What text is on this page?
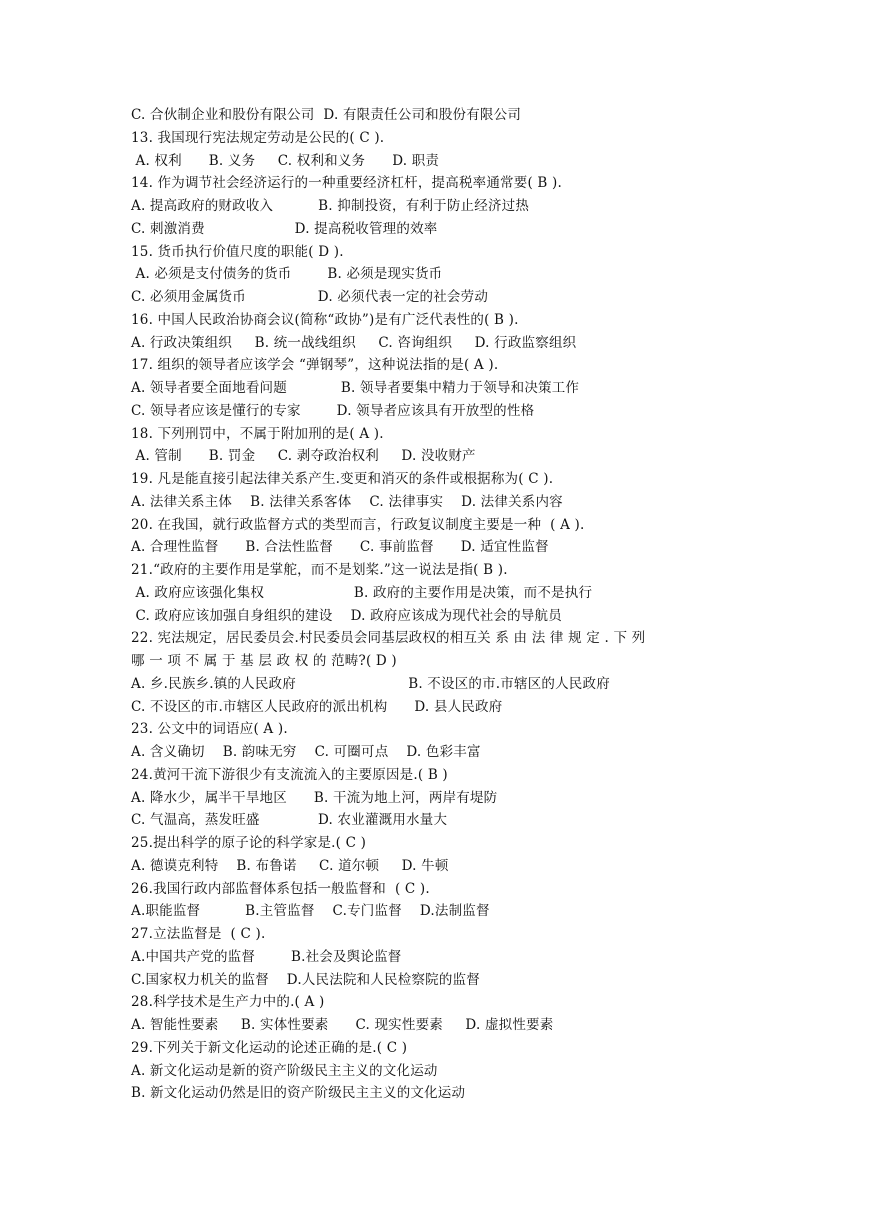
C. 合伙制企业和股份有限公司  D. 有限责任公司和股份有限公司
13. 我国现行宪法规定劳动是公民的( C ).
A. 权利      B. 义务     C. 权利和义务      D. 职责
14. 作为调节社会经济运行的一种重要经济杠杆，提高税率通常要( B ).
A. 提高政府的财政收入          B. 抑制投资，有利于防止经济过热
C. 刺激消费                    D. 提高税收管理的效率
15. 货币执行价值尺度的职能( D ).
A. 必须是支付债务的货币        B. 必须是现实货币
C. 必须用金属货币                D. 必须代表一定的社会劳动
16. 中国人民政治协商会议(简称“政协”)是有广泛代表性的( B ).
A. 行政决策组织     B. 统一战线组织     C. 咨询组织     D. 行政监察组织
17. 组织的领导者应该学会 “弹钢琴”，这种说法指的是( A ).
A. 领导者要全面地看问题            B. 领导者要集中精力于领导和决策工作
C. 领导者应该是懂行的专家        D. 领导者应该具有开放型的性格
18. 下列刑罚中，不属于附加刑的是( A ).
A. 管制      B. 罚金     C. 剥夺政治权利     D. 没收财产
19. 凡是能直接引起法律关系产生.变更和消灭的条件或根据称为( C ).
A. 法律关系主体    B. 法律关系客体    C. 法律事实    D. 法律关系内容
20. 在我国，就行政监督方式的类型而言，行政复议制度主要是一种  ( A ).
A. 合理性监督      B. 合法性监督      C. 事前监督      D. 适宜性监督
21.“政府的主要作用是掌舵，而不是划桨.”这一说法是指( B ).
A. 政府应该强化集权                    B. 政府的主要作用是决策，而不是执行
C. 政府应该加强自身组织的建设    D. 政府应该成为现代社会的导航员
22. 宪法规定，居民委员会.村民委员会同基层政权的相互关 系 由 法 律 规 定 . 下 列
哪 一 项 不 属 于 基 层 政 权 的 范畴?( D )
A. 乡.民族乡.镇的人民政府                         B. 不设区的市.市辖区的人民政府
C. 不设区的市.市辖区人民政府的派出机构      D. 县人民政府
23. 公文中的词语应( A ).
A. 含义确切    B. 韵味无穷    C. 可圈可点    D. 色彩丰富
24.黄河干流下游很少有支流流入的主要原因是.( B )
A. 降水少，属半干旱地区      B. 干流为地上河，两岸有堤防
C. 气温高，蒸发旺盛             D. 农业灌溉用水量大
25.提出科学的原子论的科学家是.( C )
A. 德谟克利特    B. 布鲁诺     C. 道尔顿     D. 牛顿
26.我国行政内部监督体系包括一般监督和  ( C ).
A.职能监督          B.主管监督    C.专门监督    D.法制监督
27.立法监督是  ( C ).
A.中国共产党的监督        B.社会及舆论监督
C.国家权力机关的监督    D.人民法院和人民检察院的监督
28.科学技术是生产力中的.( A )
A. 智能性要素     B. 实体性要素      C. 现实性要素     D. 虚拟性要素
29.下列关于新文化运动的论述正确的是.( C )
A. 新文化运动是新的资产阶级民主主义的文化运动
B. 新文化运动仍然是旧的资产阶级民主主义的文化运动
